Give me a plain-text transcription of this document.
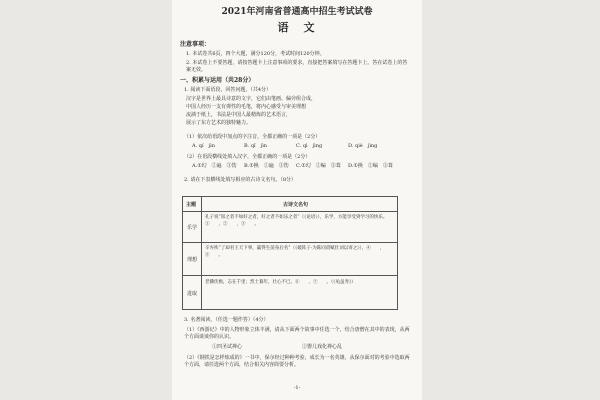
2021年河南省普通高中招生考试试卷
语　文
注意事项：
1. 本试卷共6页，四个大题，满分120分，考试时间120分钟。
2. 本试卷上不要答题，请按答题卡上注意事项的要求，直接把答案填写在答题卡上。答在试卷上的答案无效。
一、积累与运用（共28分）
1. 阅读下面语段，回答问题。（共4分）
汉字是世界上最具诗意的文字，它们由笔画、偏旁组合成，
中国人经历一支有弹性的毛笔，将内心感受与审美理想
流淌于纸上，书法是中国人最精炼的艺术语言，
展示了东方艺术的独特魅力。
（1）依次给语段中加点的字注音，全都正确的一项是（2分）
A. qí　jìn	B. qǐ　jìn	C. qì　jìng	D. qiè　jìng
（2）在语段横线处填入汉字，全都正确的一项是（2分）
A.①幻　②遍　③饬 B.①换　②遍　③饬 C.①幻　②编　③葺 D.①换　②编　③葺
2. 请在下表横线处填写相应的古诗文名句。（8分）
主题	古诗文名句
乐学
孔子说“知之者不如好之者，好之者不如乐之者”（《论语》），乐学，方能享受到学习的快乐。①　　，②　　，③　　。
理想
辛弃疾“了却君王天下事，赢得生前身后名”（《破阵子·为陈同甫赋壮词以寄之》），④　　，⑤　　。
进取
老骥伏枥，志在千里；烈士暮年，壮心不已。⑥　　，⑦　　。（《龟虽寿》）
3. 名著阅读。（任选一题作答）（4分）
（1）《西游记》中的人物形象立体丰满，请从下面两个故事中任选一个，结合唐僧在其中的表现，从两个方面谈谈你的认识。
①四圣试禅心	②婴儿戏化禅心乱
（2）《钢铁是怎样炼成的》一书中，保尔经过种种考验，成长为一名英雄，从保尔面对的考验中选取两个方面，请任选两个方面，结合相关内容简要分析。
-1-
